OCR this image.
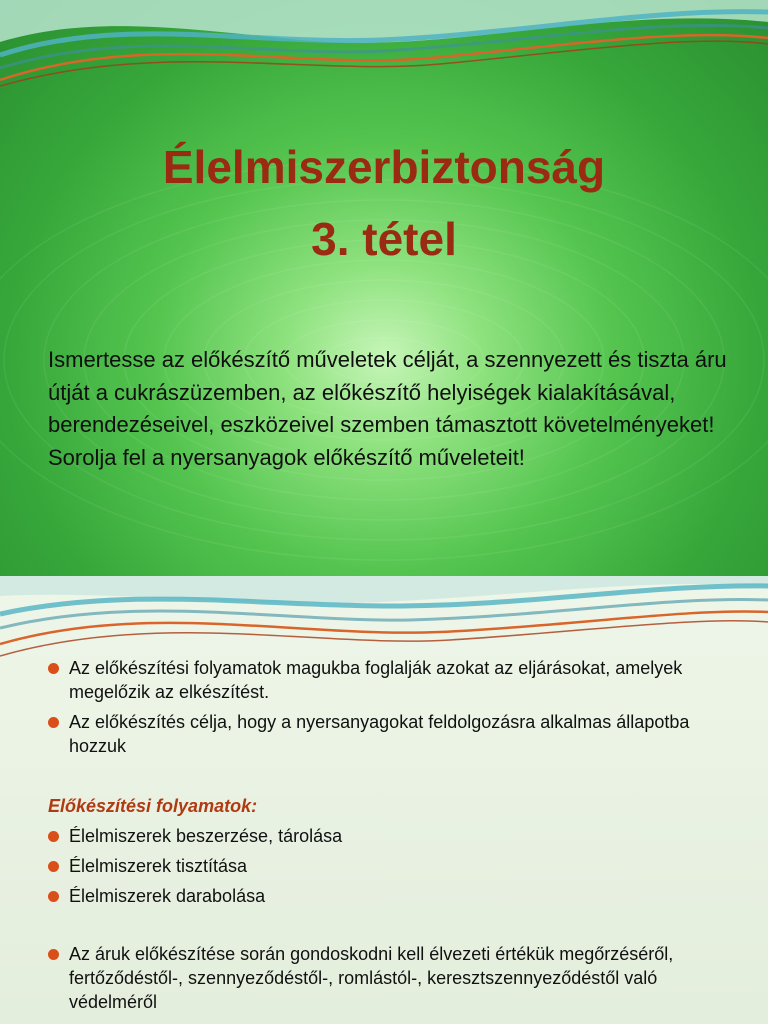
Élelmiszerbiztonság
3. tétel

Ismertesse az előkészítő műveletek célját, a szennyezett és tiszta áru útját a cukrászüzemben, az előkészítő helyiségek kialakításával, berendezéseivel, eszközeivel szemben támasztott követelményeket! Sorolja fel a nyersanyagok előkészítő műveleteit!

Az előkészítési folyamatok magukba foglalják azokat az eljárásokat, amelyek megelőzik az elkészítést.
Az előkészítés célja, hogy a nyersanyagokat feldolgozásra alkalmas állapotba hozzuk
Előkészítési folyamatok:
Élelmiszerek beszerzése, tárolása
Élelmiszerek tisztítása
Élelmiszerek darabolása
Az áruk előkészítése során gondoskodni kell élvezeti értékük megőrzéséről, fertőződéstől-, szennyeződéstől-, romlástól-, keresztszennyeződéstől való védelméről
